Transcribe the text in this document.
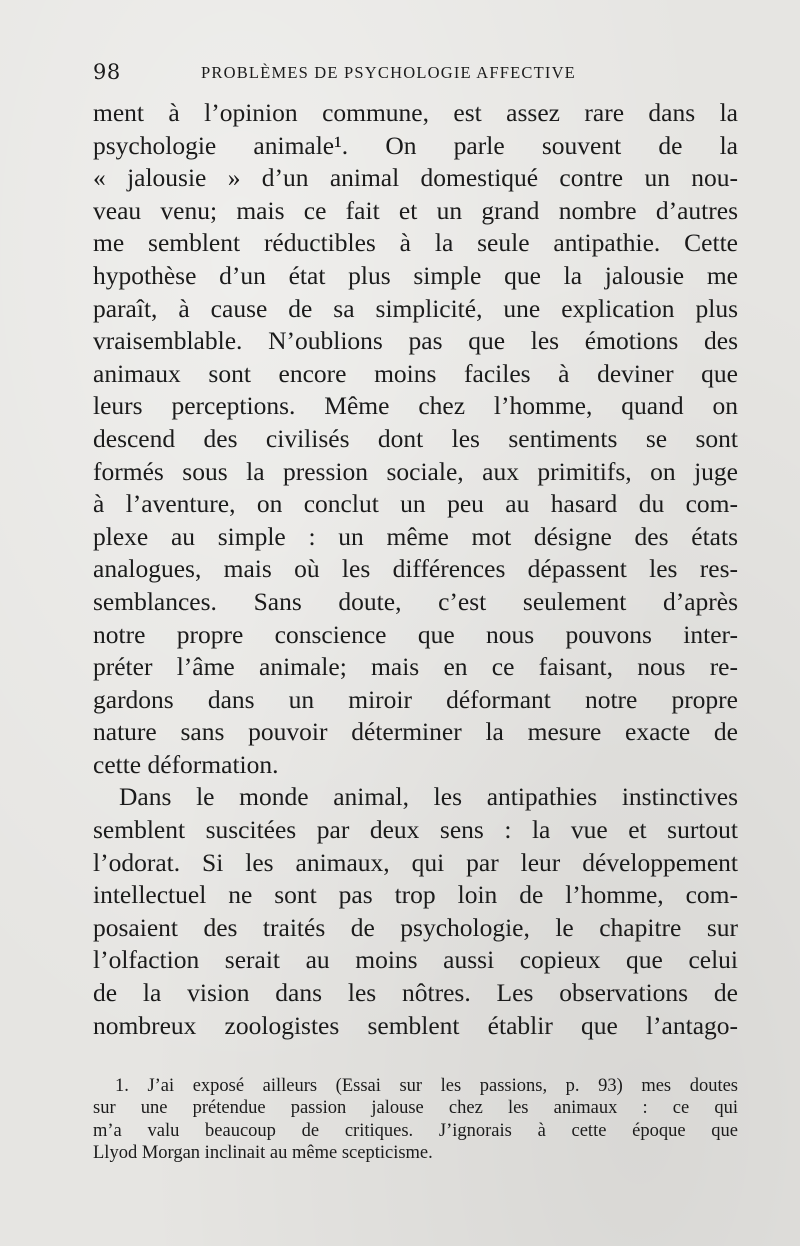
98	PROBLÈMES DE PSYCHOLOGIE AFFECTIVE
ment à l’opinion commune, est assez rare dans la
psychologie animale¹. On parle souvent de la
« jalousie » d’un animal domestiqué contre un nou-
veau venu; mais ce fait et un grand nombre d’autres
me semblent réductibles à la seule antipathie. Cette
hypothèse d’un état plus simple que la jalousie me
paraît, à cause de sa simplicité, une explication plus
vraisemblable. N’oublions pas que les émotions des
animaux sont encore moins faciles à deviner que
leurs perceptions. Même chez l’homme, quand on
descend des civilisés dont les sentiments se sont
formés sous la pression sociale, aux primitifs, on juge
à l’aventure, on conclut un peu au hasard du com-
plexe au simple : un même mot désigne des états
analogues, mais où les différences dépassent les res-
semblances. Sans doute, c’est seulement d’après
notre propre conscience que nous pouvons inter-
préter l’âme animale; mais en ce faisant, nous re-
gardons dans un miroir déformant notre propre
nature sans pouvoir déterminer la mesure exacte de
cette déformation.
Dans le monde animal, les antipathies instinctives
semblent suscitées par deux sens : la vue et surtout
l’odorat. Si les animaux, qui par leur développement
intellectuel ne sont pas trop loin de l’homme, com-
posaient des traités de psychologie, le chapitre sur
l’olfaction serait au moins aussi copieux que celui
de la vision dans les nôtres. Les observations de
nombreux zoologistes semblent établir que l’antago-
1. J’ai exposé ailleurs (Essai sur les passions, p. 93) mes doutes
sur une prétendue passion jalouse chez les animaux : ce qui
m’a valu beaucoup de critiques. J’ignorais à cette époque que
Llyod Morgan inclinait au même scepticisme.
